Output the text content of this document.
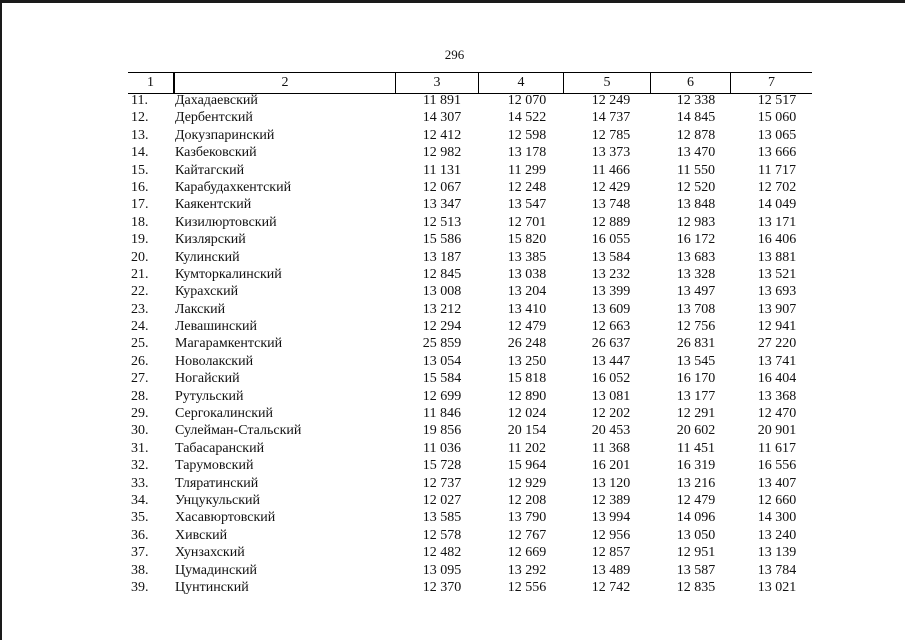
296
1	2	3	4	5	6	7
11. Дахадаевский	11 891	12 070	12 249	12 338	12 517
12. Дербентский	14 307	14 522	14 737	14 845	15 060
13. Докузпаринский	12 412	12 598	12 785	12 878	13 065
14. Казбековский	12 982	13 178	13 373	13 470	13 666
15. Кайтагский	11 131	11 299	11 466	11 550	11 717
16. Карабудахкентский	12 067	12 248	12 429	12 520	12 702
17. Каякентский	13 347	13 547	13 748	13 848	14 049
18. Кизилюртовский	12 513	12 701	12 889	12 983	13 171
19. Кизлярский	15 586	15 820	16 055	16 172	16 406
20. Кулинский	13 187	13 385	13 584	13 683	13 881
21. Кумторкалинский	12 845	13 038	13 232	13 328	13 521
22. Курахский	13 008	13 204	13 399	13 497	13 693
23. Лакский	13 212	13 410	13 609	13 708	13 907
24. Левашинский	12 294	12 479	12 663	12 756	12 941
25. Магарамкентский	25 859	26 248	26 637	26 831	27 220
26. Новолакский	13 054	13 250	13 447	13 545	13 741
27. Ногайский	15 584	15 818	16 052	16 170	16 404
28. Рутульский	12 699	12 890	13 081	13 177	13 368
29. Сергокалинский	11 846	12 024	12 202	12 291	12 470
30. Сулейман-Стальский	19 856	20 154	20 453	20 602	20 901
31. Табасаранский	11 036	11 202	11 368	11 451	11 617
32. Тарумовский	15 728	15 964	16 201	16 319	16 556
33. Тляратинский	12 737	12 929	13 120	13 216	13 407
34. Унцукульский	12 027	12 208	12 389	12 479	12 660
35. Хасавюртовский	13 585	13 790	13 994	14 096	14 300
36. Хивский	12 578	12 767	12 956	13 050	13 240
37. Хунзахский	12 482	12 669	12 857	12 951	13 139
38. Цумадинский	13 095	13 292	13 489	13 587	13 784
39. Цунтинский	12 370	12 556	12 742	12 835	13 021
